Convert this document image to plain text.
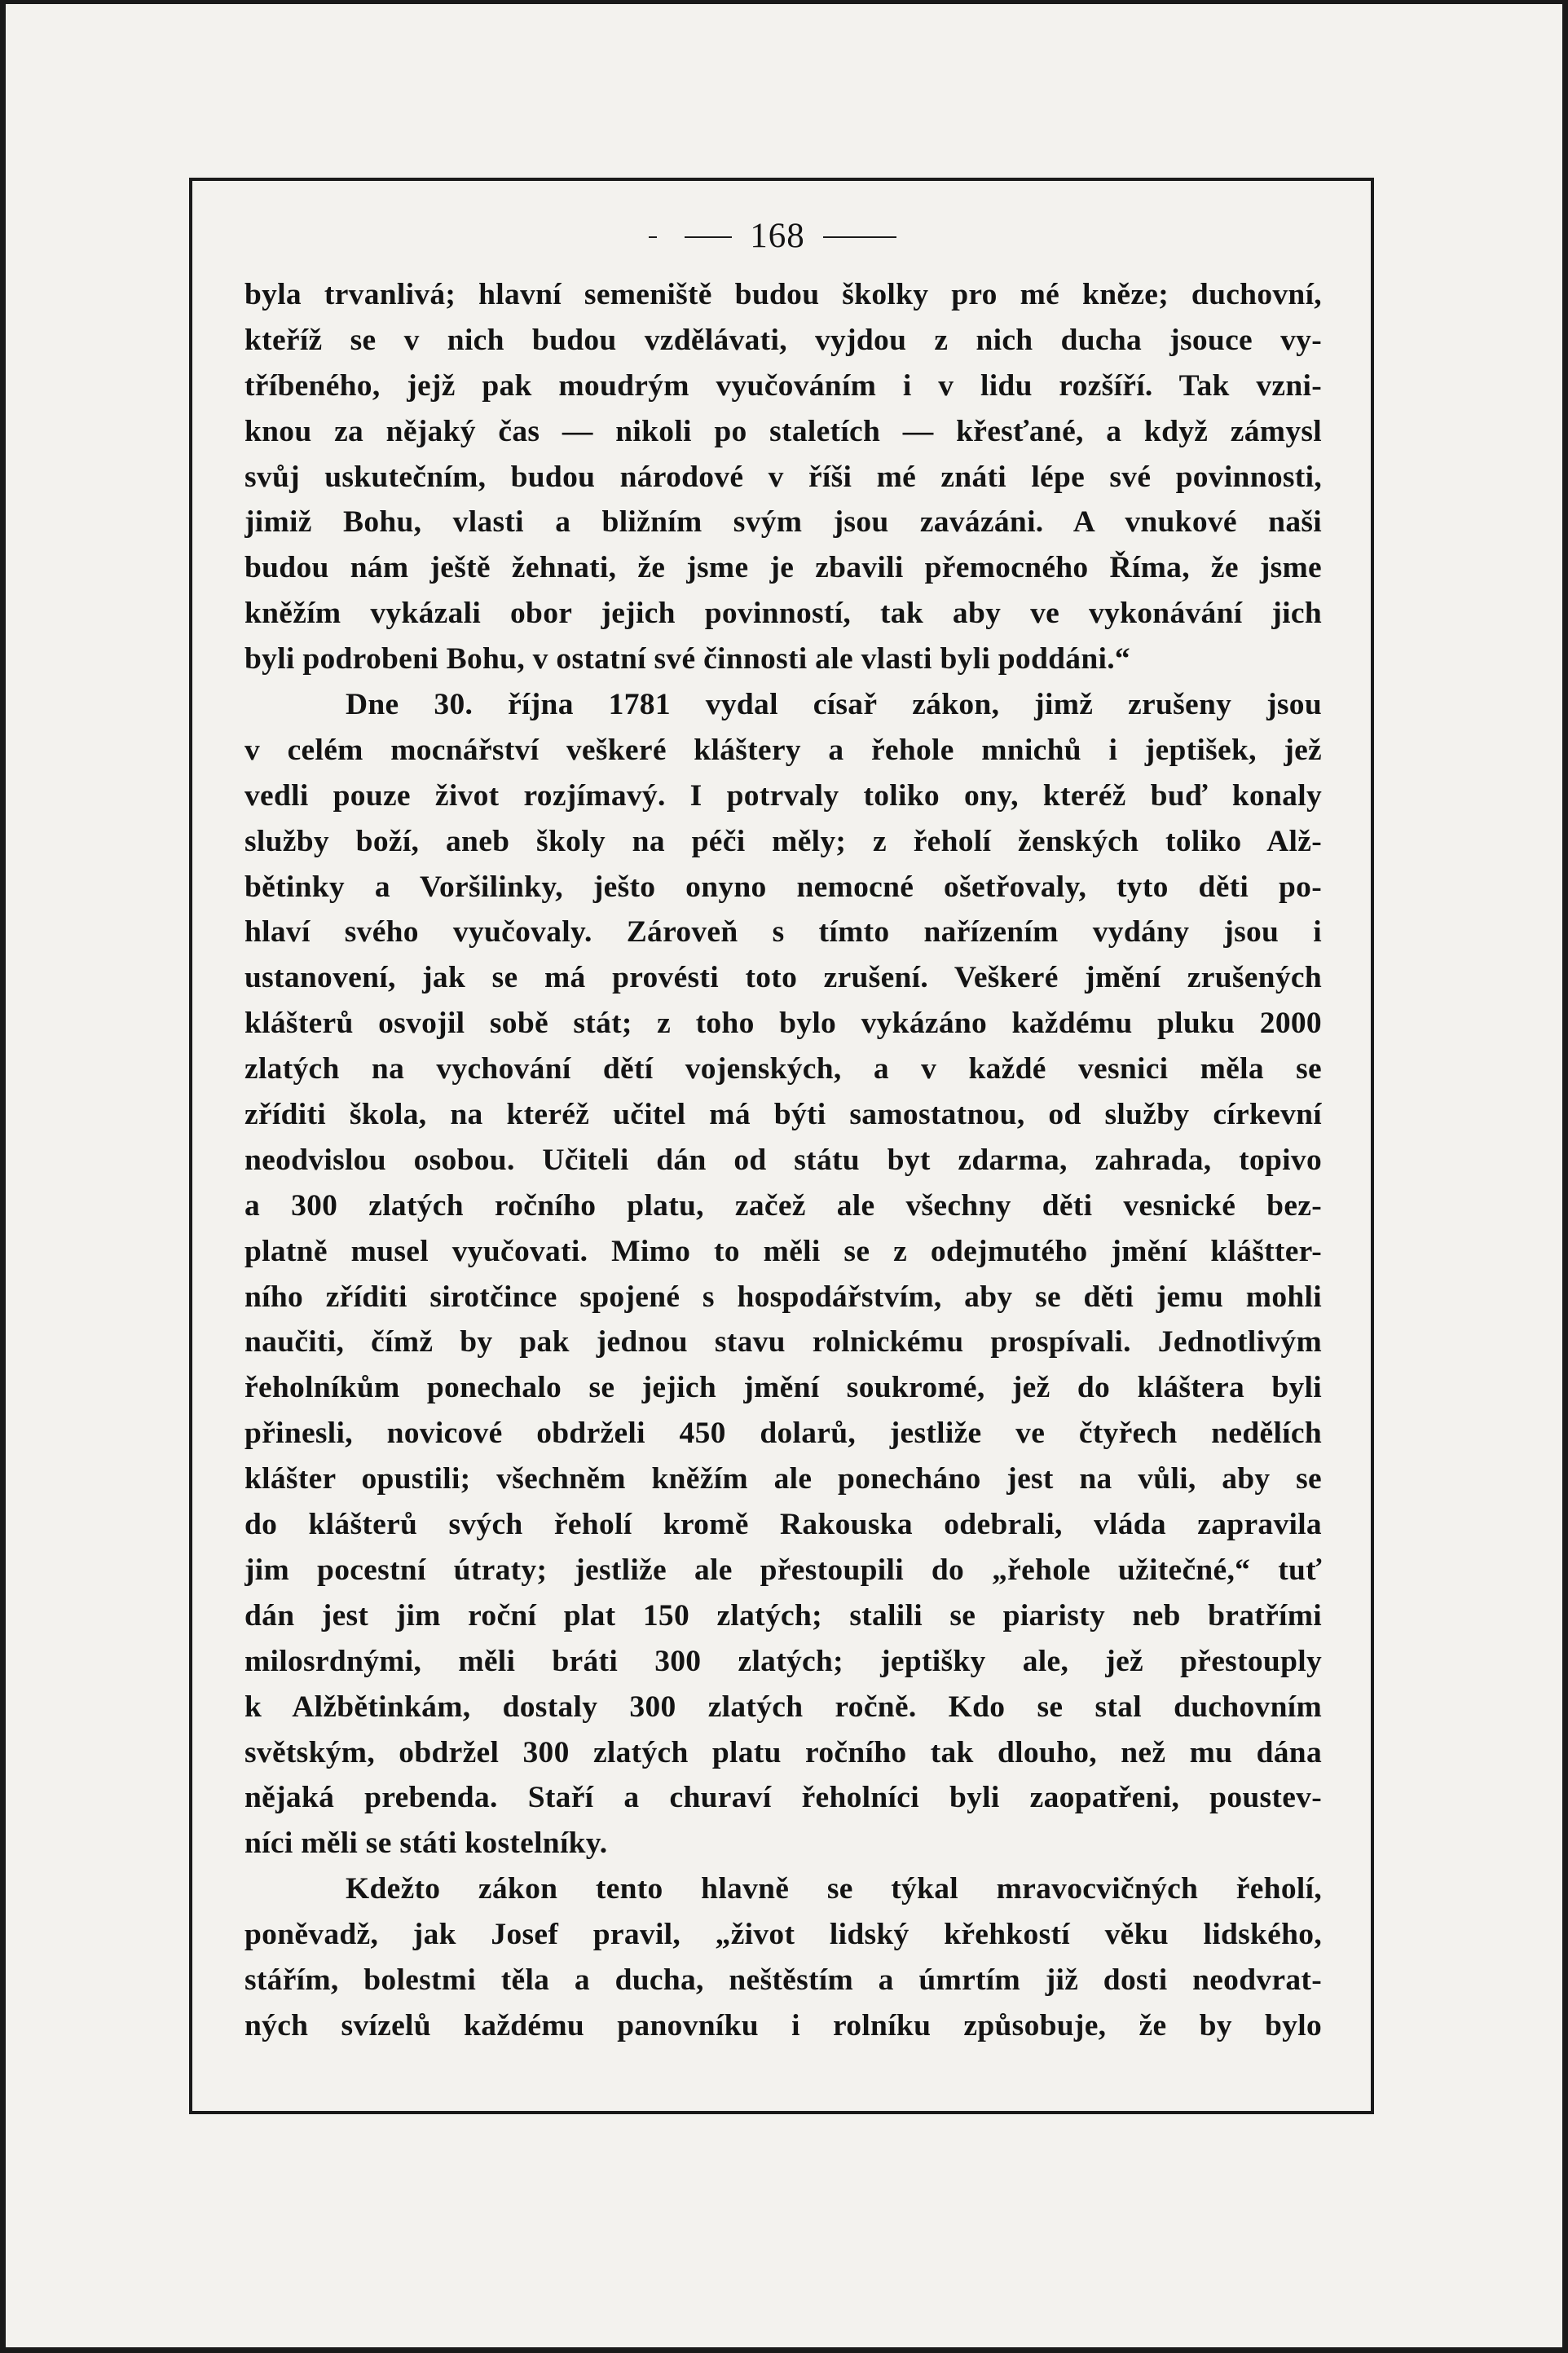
168
byla trvanlivá; hlavní semeniště budou školky pro mé kněze; duchovní,
kteříž se v nich budou vzdělávati, vyjdou z nich ducha jsouce vy-
tříbeného, jejž pak moudrým vyučováním i v lidu rozšíří. Tak vzni-
knou za nějaký čas — nikoli po staletích — křesťané, a když zámysl
svůj uskutečním, budou národové v říši mé znáti lépe své povinnosti,
jimiž Bohu, vlasti a bližním svým jsou zavázáni. A vnukové naši
budou nám ještě žehnati, že jsme je zbavili přemocného Říma, že jsme
kněžím vykázali obor jejich povinností, tak aby ve vykonávání jich
byli podrobeni Bohu, v ostatní své činnosti ale vlasti byli poddáni.“
Dne 30. října 1781 vydal císař zákon, jimž zrušeny jsou
v celém mocnářství veškeré kláštery a řehole mnichů i jeptišek, jež
vedli pouze život rozjímavý. I potrvaly toliko ony, kteréž buď konaly
služby boží, aneb školy na péči měly; z řeholí ženských toliko Alž-
bětinky a Voršilinky, ješto onyno nemocné ošetřovaly, tyto děti po-
hlaví svého vyučovaly. Zároveň s tímto nařízením vydány jsou i
ustanovení, jak se má provésti toto zrušení. Veškeré jmění zrušených
klášterů osvojil sobě stát; z toho bylo vykázáno každému pluku 2000
zlatých na vychování dětí vojenských, a v každé vesnici měla se
zříditi škola, na kteréž učitel má býti samostatnou, od služby církevní
neodvislou osobou. Učiteli dán od státu byt zdarma, zahrada, topivo
a 300 zlatých ročního platu, začež ale všechny děti vesnické bez-
platně musel vyučovati. Mimo to měli se z odejmutého jmění kláštter-
ního zříditi sirotčince spojené s hospodářstvím, aby se děti jemu mohli
naučiti, čímž by pak jednou stavu rolnickému prospívali. Jednotlivým
řeholníkům ponechalo se jejich jmění soukromé, jež do kláštera byli
přinesli, novicové obdrželi 450 dolarů, jestliže ve čtyřech nedělích
klášter opustili; všechněm kněžím ale ponecháno jest na vůli, aby se
do klášterů svých řeholí kromě Rakouska odebrali, vláda zapravila
jim pocestní útraty; jestliže ale přestoupili do „řehole užitečné,“ tuť
dán jest jim roční plat 150 zlatých; stalili se piaristy neb bratřími
milosrdnými, měli bráti 300 zlatých; jeptišky ale, jež přestouply
k Alžbětinkám, dostaly 300 zlatých ročně. Kdo se stal duchovním
světským, obdržel 300 zlatých platu ročního tak dlouho, než mu dána
nějaká prebenda. Staří a churaví řeholníci byli zaopatřeni, poustev-
níci měli se státi kostelníky.
Kdežto zákon tento hlavně se týkal mravocvičných řeholí,
poněvadž, jak Josef pravil, „život lidský křehkostí věku lidského,
stářím, bolestmi těla a ducha, neštěstím a úmrtím již dosti neodvrat-
ných svízelů každému panovníku i rolníku způsobuje, že by bylo
